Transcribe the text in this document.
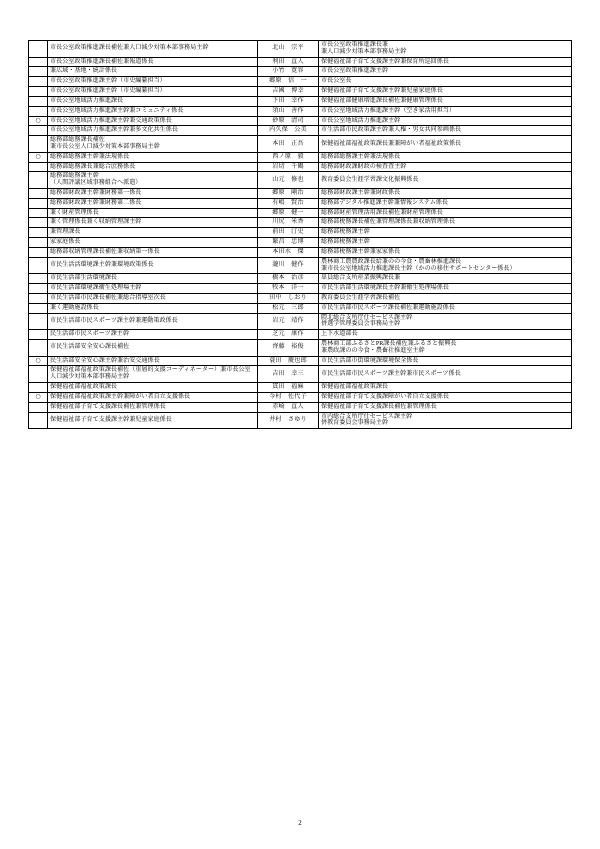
	市長公室政策推進課長補佐兼人口減少対策本部事務局主幹	北山　宗平	市長公室政策推進課長兼
兼人口減少対策本部事務局主幹

	市長公室政策推進課長補佐兼報道係長	利田　直人	保健福祉部子育て支援課主幹兼保育所巡回係長

	兼広域・基地・統計係長	小竹　寛容	市長公室政策推進課主幹

	市長公室政策推進課主幹（市史編纂担当）	郷原　信　一	市長公室長

	市長公室政策推進課主幹（市史編纂担当）	吉國　博幸	保健福祉部子育て支援課主幹兼児童家庭係長

	市長公室地域活力推進課長	下田　幸作	保健福祉部健康増進課長補佐兼健康管理係長

	市長公室地域活力推進課主幹兼コミュニティ係長	須山　善作	市長公室地域活力推進課主幹（空き家活用担当）

○	市長公室地域活力推進課主幹兼交通政策係長	砂原　清司	市長公室地域活力推進課主幹

	市長公室地域活力推進課主幹兼多文化共生係長	内久保　公美	市生活部市民政策課主幹兼人権・男女共同参画係長

	総務部総務課長補佐
兼市長公室人口減少対策本部事務局主幹	本田　正吾	保健福祉部福祉政策課長兼兼障がい者福祉政策係長

○	総務部総務課主幹兼法規係長	西ノ原　毅	総務部総務課主幹兼法規係長

	総務部総務課長兼総合庶務係長	岩切　千鶴	総務部財政課財政の検査査主幹

	総務部総務課主幹
（人関評議区域事務組合へ派遣）	山元　修也	教育委員会生涯学習課文化振興係長

	総務部財政課主幹兼財務第一係長	郷原　剛治	総務部財政課主幹兼財政係長

	総務部財政課主幹兼財務第二係長	有嶋　賢治	総務部デジタル推進課主幹兼情報システム係長

	兼く財産管理係長	郷原　健一	総務部財産管理活用課長補佐兼財産管理係長

	兼く管理係長兼く収納管理課主幹	川尻　米香	総務部税務課長補佐兼管理課係長兼収納管理係長

	兼管理課長	前田　汀史	総務部税務課主幹

	家家庭係長	繁昌　忠博	総務部税務課主幹

	総務部収納管理課長補佐兼収納第一係長	本田水　傑	総務部税務課主幹兼家家係長

	市民生活活環境課主幹兼環境政策係長	瀧川　健作	農林商工農農政課長給兼のの今食・農畜林推進課長
兼市長公室地域活力推進課長主幹（かのの移住サポートセンター係長）

	市民生活部生活環境課長	橋本　治彦	単員総合支所産業振興課長兼

	市民生活部環境課衛生処理場主幹	牧本　洋一	市民生活部生活環境課長主幹兼衛生処理場係長

	市民生活部市民課長補佐兼総合指導室次長	田中　しおり	教育委員会生涯学習課長補佐

	兼く運動施設係長	松元　三郎	市民生活部市民スポーツ課長補佐兼運動施設係長

	市民生活部市民スポーツ課主幹兼運動策政係長	岩元　靖作	隈北総合支所庁仕セービス課主幹
併選学管理委員会事務局主幹

	民生活部市民スポーツ課主幹	芝元　康作	上下水道部長

	市民生活部安全安心課長補佐	齊藤　裕俊	農林商工部ふるさとPR課長補佐兼ふるさと振興長
兼農政課のの今食・農畜社推進室主幹

○	民生活部安全安心課主幹兼治安交通係長	蓑田　慶也郎	市民生活部市街環境課環境保全係長

	保健福祉部福祉政策課長補佐（重層的支援コーディネーター）兼市長公室人口減少対策本部事務局主幹	吉田　幸三	市民生活部市民スポーツ課主幹兼市民スポーツ係長

	保健福祉部福祉政策課長	貫田　福麻	保健福祉部福祉政策課長

○	保健福祉部福祉政策課主幹兼障がい者自立支援係長	今村　佐代子	保健福祉部子育て支援課障がい者自立支援係長

	保健福祉部子育て支援課長補佐兼管理係長	赤崎　直人	保健福祉部子育て支援課長補佐兼管理係長

	保健福祉部子育て支援課主幹兼児童家庭係長	井村　さゆり	市内総合支所庁仕セービス課主幹
併教育委員会事務局主幹
2
